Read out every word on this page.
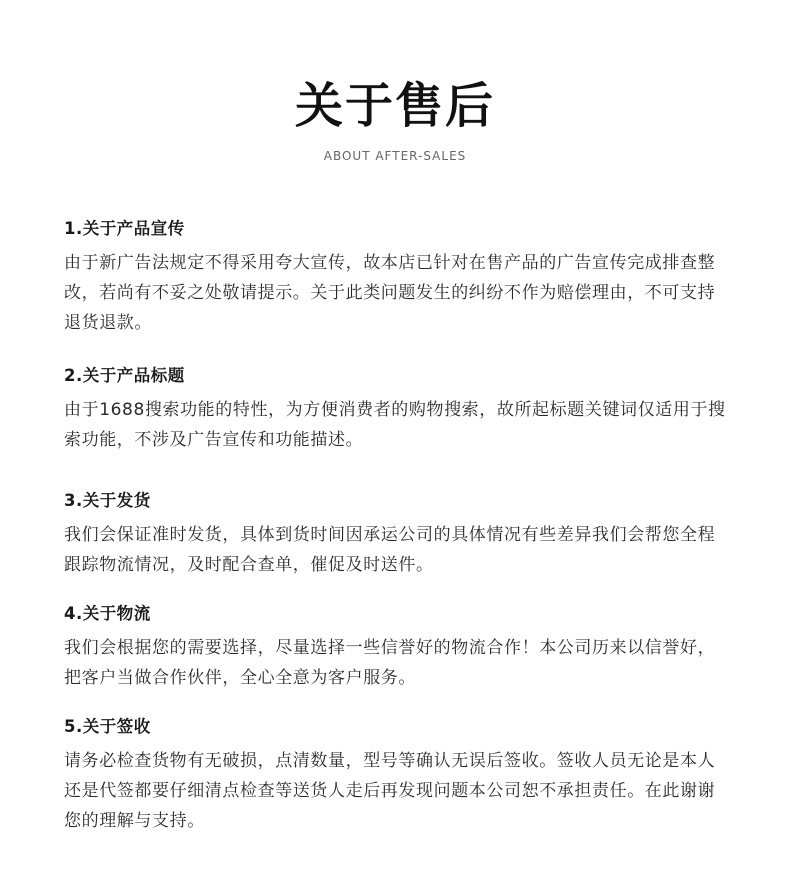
关于售后
ABOUT AFTER-SALES
1.关于产品宣传
由于新广告法规定不得采用夸大宣传，故本店已针对在售产品的广告宣传完成排查整改，若尚有不妥之处敬请提示。关于此类问题发生的纠纷不作为赔偿理由，不可支持退货退款。
2.关于产品标题
由于1688搜索功能的特性，为方便消费者的购物搜索，故所起标题关键词仅适用于搜索功能，不涉及广告宣传和功能描述。
3.关于发货
我们会保证准时发货，具体到货时间因承运公司的具体情况有些差异我们会帮您全程跟踪物流情况，及时配合查单，催促及时送件。
4.关于物流
我们会根据您的需要选择，尽量选择一些信誉好的物流合作！本公司历来以信誉好，把客户当做合作伙伴，全心全意为客户服务。
5.关于签收
请务必检查货物有无破损，点清数量，型号等确认无误后签收。签收人员无论是本人还是代签都要仔细清点检查等送货人走后再发现问题本公司恕不承担责任。在此谢谢您的理解与支持。
